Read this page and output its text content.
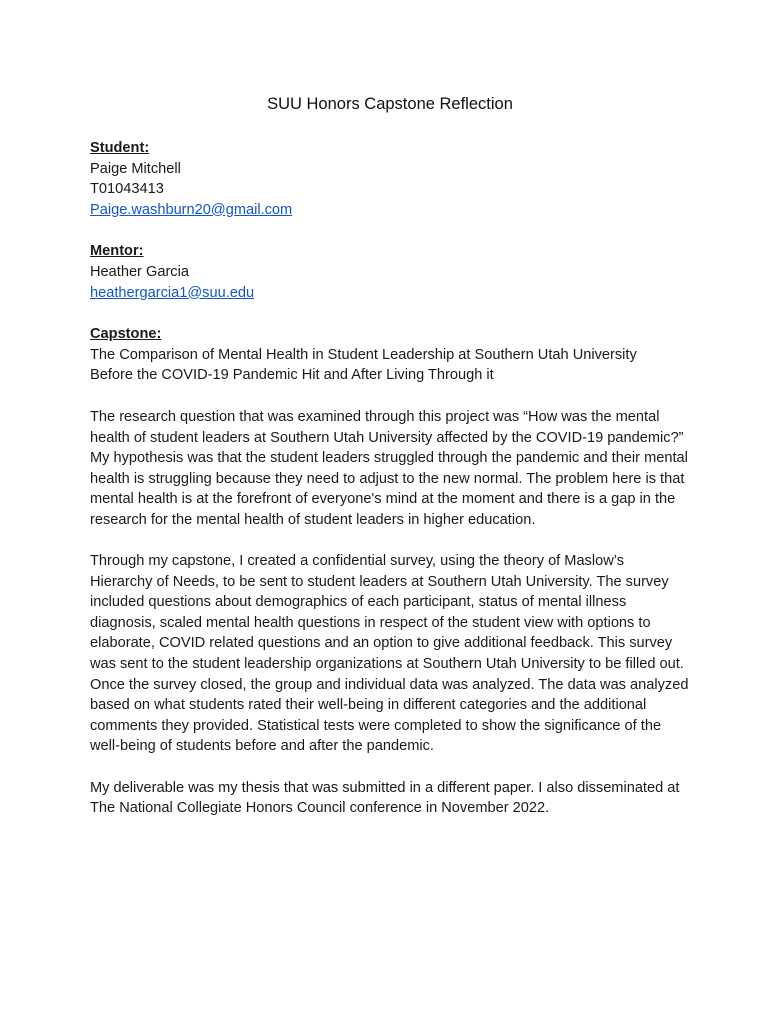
SUU Honors Capstone Reflection
Student:
Paige Mitchell
T01043413
Paige.washburn20@gmail.com
Mentor:
Heather Garcia
heathergarcia1@suu.edu
Capstone:
The Comparison of Mental Health in Student Leadership at Southern Utah University
Before the COVID-19 Pandemic Hit and After Living Through it

The research question that was examined through this project was “How was the mental health of student leaders at Southern Utah University affected by the COVID-19 pandemic?” My hypothesis was that the student leaders struggled through the pandemic and their mental health is struggling because they need to adjust to the new normal. The problem here is that mental health is at the forefront of everyone's mind at the moment and there is a gap in the research for the mental health of student leaders in higher education.

Through my capstone, I created a confidential survey, using the theory of Maslow’s Hierarchy of Needs, to be sent to student leaders at Southern Utah University. The survey included questions about demographics of each participant, status of mental illness diagnosis, scaled mental health questions in respect of the student view with options to elaborate, COVID related questions and an option to give additional feedback. This survey was sent to the student leadership organizations at Southern Utah University to be filled out. Once the survey closed, the group and individual data was analyzed. The data was analyzed based on what students rated their well-being in different categories and the additional comments they provided. Statistical tests were completed to show the significance of the well-being of students before and after the pandemic.

My deliverable was my thesis that was submitted in a different paper. I also disseminated at The National Collegiate Honors Council conference in November 2022.
